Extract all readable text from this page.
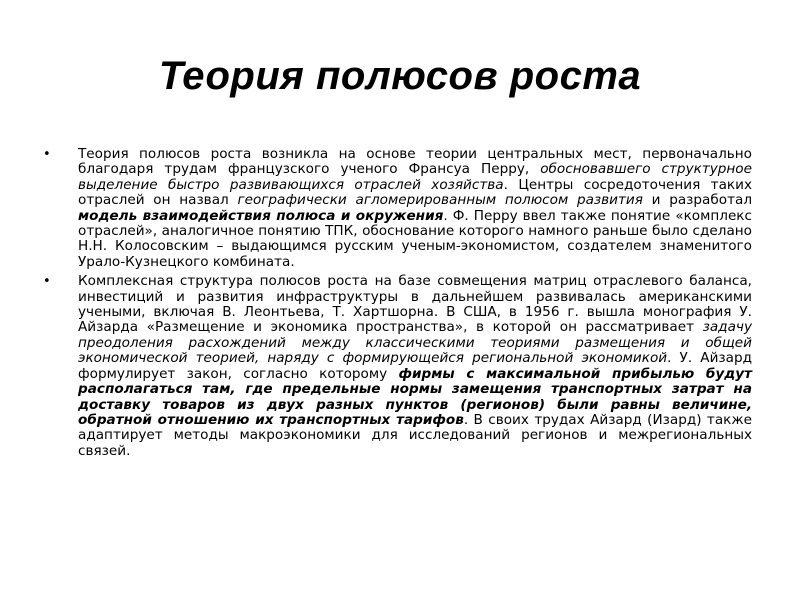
Теория полюсов роста
• Теория полюсов роста возникла на основе теории центральных мест, первоначально благодаря трудам французского ученого Франсуа Перру, обосновавшего структурное выделение быстро развивающихся отраслей хозяйства. Центры сосредоточения таких отраслей он назвал географически агломерированным полюсом развития и разработал модель взаимодействия полюса и окружения. Ф. Перру ввел также понятие «комплекс отраслей», аналогичное понятию ТПК, обоснование которого намного раньше было сделано Н.Н. Колосовским – выдающимся русским ученым-экономистом, создателем знаменитого Урало-Кузнецкого комбината.
• Комплексная структура полюсов роста на базе совмещения матриц отраслевого баланса, инвестиций и развития инфраструктуры в дальнейшем развивалась американскими учеными, включая В. Леонтьева, Т. Хартшорна. В США, в 1956 г. вышла монография У. Айзарда «Размещение и экономика пространства», в которой он рассматривает задачу преодоления расхождений между классическими теориями размещения и общей экономической теорией, наряду с формирующейся региональной экономикой. У. Айзард формулирует закон, согласно которому фирмы с максимальной прибылью будут располагаться там, где предельные нормы замещения транспортных затрат на доставку товаров из двух разных пунктов (регионов) были равны величине, обратной отношению их транспортных тарифов. В своих трудах Айзард (Изард) также адаптирует методы макроэкономики для исследований регионов и межрегиональных связей.
